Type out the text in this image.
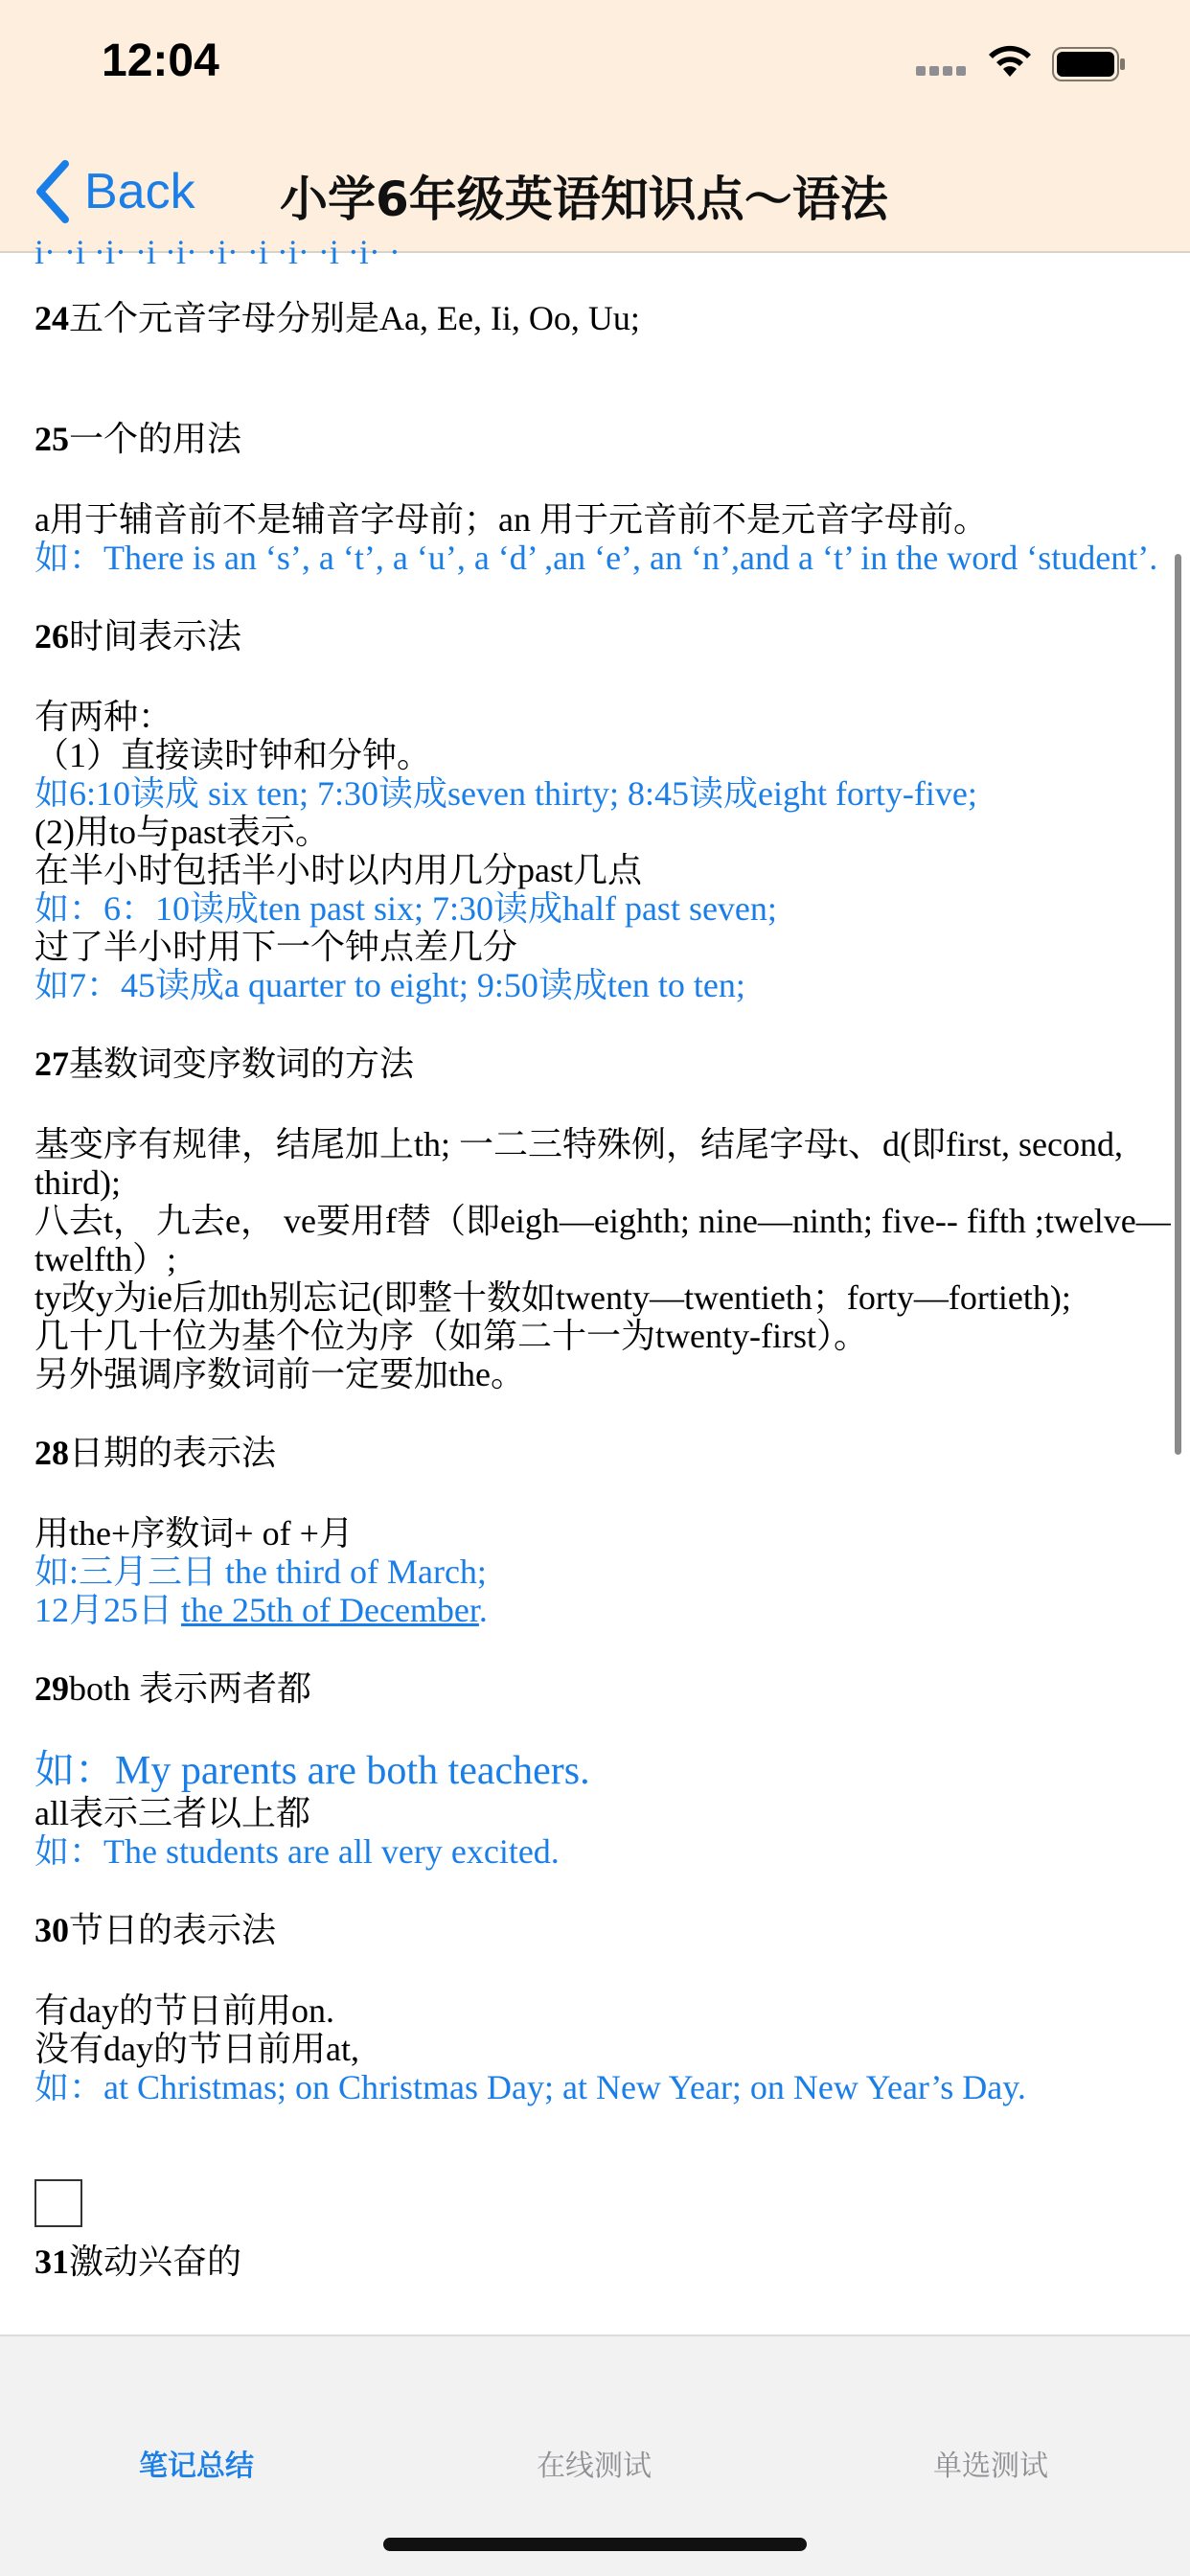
12:04
Back 小学6年级英语知识点～语法
i· ·i ·i· ·i ·i· ·i· ·i ·i· ·i ·i· ·
24五个元音字母分别是Aa, Ee, Ii, Oo, Uu;
25一个的用法
a用于辅音前不是辅音字母前；an 用于元音前不是元音字母前。
如：There is an ‘s’, a ‘t’, a ‘u’, a ‘d’ ,an ‘e’, an ‘n’,and a ‘t’ in the word ‘student’.
26时间表示法
有两种：
（1）直接读时钟和分钟。
如6:10读成 six ten; 7:30读成seven thirty; 8:45读成eight forty-five;
(2)用to与past表示。
在半小时包括半小时以内用几分past几点
如：6：10读成ten past six; 7:30读成half past seven;
过了半小时用下一个钟点差几分
如7：45读成a quarter to eight; 9:50读成ten to ten;
27基数词变序数词的方法
基变序有规律，结尾加上th; 一二三特殊例，结尾字母t、d(即first, second,
third);
八去t， 九去e， ve要用f替（即eigh—eighth; nine—ninth; five-- fifth ;twelve—
twelfth）;
ty改y为ie后加th别忘记(即整十数如twenty—twentieth；forty—fortieth);
几十几十位为基个位为序（如第二十一为twenty-first）。
另外强调序数词前一定要加the。
28日期的表示法
用the+序数词+ of +月
如:三月三日 the third of March;
12月25日 the 25th of December.
29both 表示两者都
如：My parents are both teachers.
all表示三者以上都
如：The students are all very excited.
30节日的表示法
有day的节日前用on.
没有day的节日前用at,
如：at Christmas; on Christmas Day; at New Year; on New Year’s Day.
31激动兴奋的
笔记总结	在线测试	单选测试
